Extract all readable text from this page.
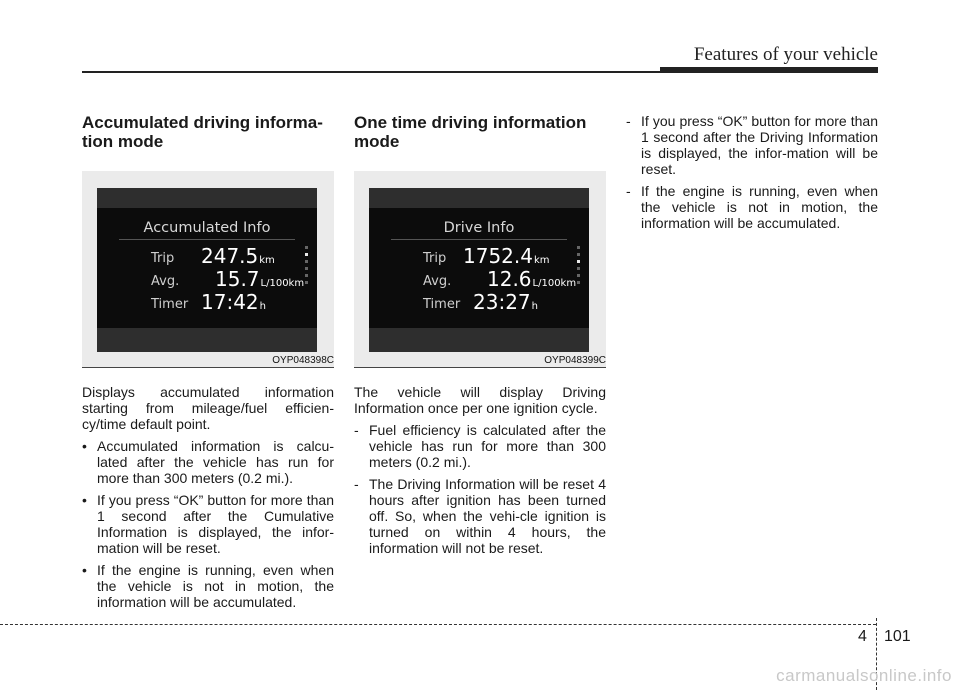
Features of your vehicle
Accumulated driving informa-
tion mode
Accumulated Info
Trip 247.5km
Avg. 15.7L/100km
Timer 17:42h
OYP048398C

Displays accumulated information starting from mileage/fuel efficien-cy/time default point.

• Accumulated information is calcu-lated after the vehicle has run for more than 300 meters (0.2 mi.).
• If you press “OK” button for more than 1 second after the Cumulative Information is displayed, the infor-mation will be reset.
• If the engine is running, even when the vehicle is not in motion, the information will be accumulated.
One time driving information
mode
Drive Info
Trip 1752.4km
Avg. 12.6L/100km
Timer 23:27h
OYP048399C

The vehicle will display Driving Information once per one ignition cycle.

- Fuel efficiency is calculated after the vehicle has run for more than 300 meters (0.2 mi.).
- The Driving Information will be reset 4 hours after ignition has been turned off. So, when the vehi-cle ignition is turned on within 4 hours, the information will not be reset.
- If you press “OK” button for more than 1 second after the Driving Information is displayed, the infor-mation will be reset.
- If the engine is running, even when the vehicle is not in motion, the information will be accumulated.
4 101
carmanualsonline.info
